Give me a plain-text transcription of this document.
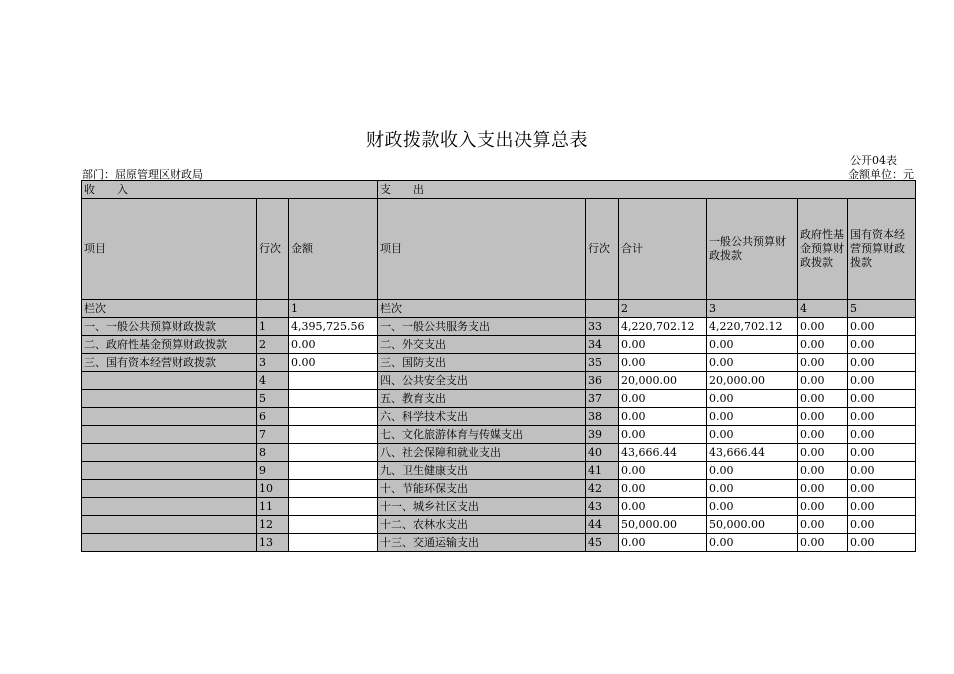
财政拨款收入支出决算总表
公开04表
部门：屈原管理区财政局	金额单位：元
收　　入			支　　出					
项目	行次	金额	项目	行次	合计	一般公共预算财政拨款	政府性基金预算财政拨款	国有资本经营预算财政拨款
栏次		1	栏次		2	3	4	5
一、一般公共预算财政拨款	1	4,395,725.56	一、一般公共服务支出	33	4,220,702.12	4,220,702.12	0.00	0.00
二、政府性基金预算财政拨款	2	0.00	二、外交支出	34	0.00	0.00	0.00	0.00
三、国有资本经营财政拨款	3	0.00	三、国防支出	35	0.00	0.00	0.00	0.00
	4		四、公共安全支出	36	20,000.00	20,000.00	0.00	0.00
	5		五、教育支出	37	0.00	0.00	0.00	0.00
	6		六、科学技术支出	38	0.00	0.00	0.00	0.00
	7		七、文化旅游体育与传媒支出	39	0.00	0.00	0.00	0.00
	8		八、社会保障和就业支出	40	43,666.44	43,666.44	0.00	0.00
	9		九、卫生健康支出	41	0.00	0.00	0.00	0.00
	10		十、节能环保支出	42	0.00	0.00	0.00	0.00
	11		十一、城乡社区支出	43	0.00	0.00	0.00	0.00
	12		十二、农林水支出	44	50,000.00	50,000.00	0.00	0.00
	13		十三、交通运输支出	45	0.00	0.00	0.00	0.00
